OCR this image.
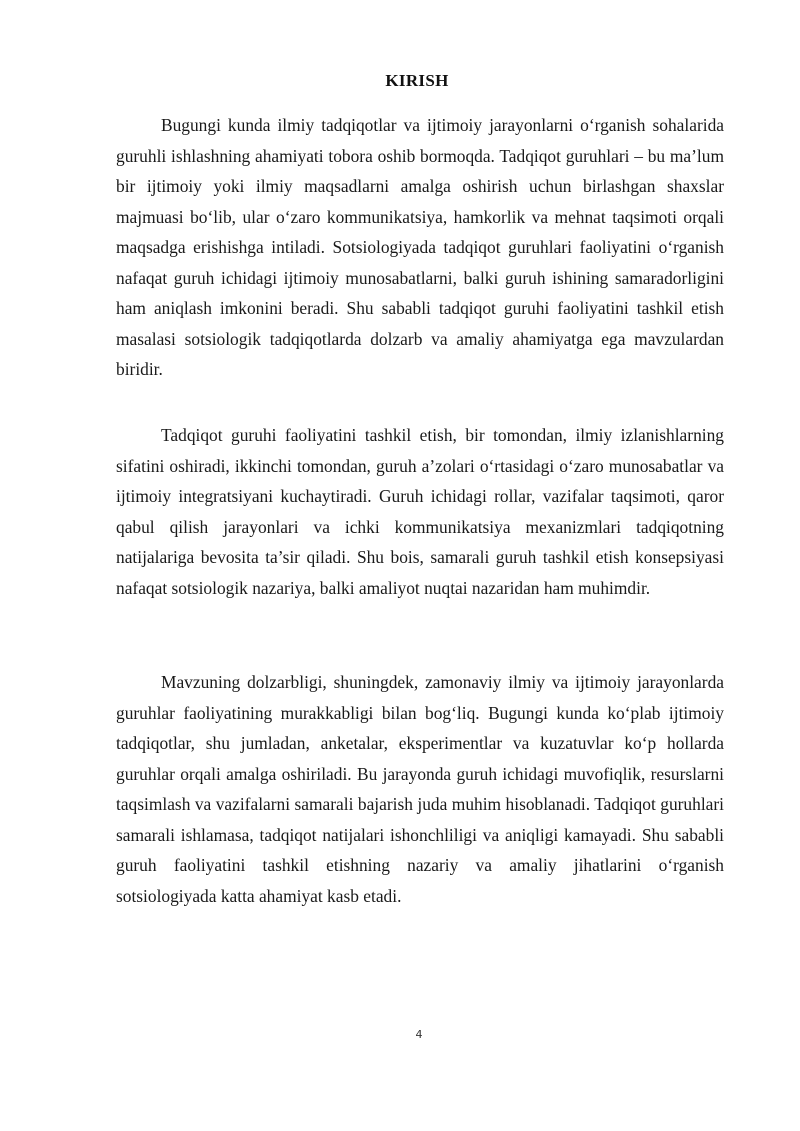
KIRISH

Bugungi kunda ilmiy tadqiqotlar va ijtimoiy jarayonlarni o‘rganish sohalarida guruhli ishlashning ahamiyati tobora oshib bormoqda. Tadqiqot guruhlari – bu ma’lum bir ijtimoiy yoki ilmiy maqsadlarni amalga oshirish uchun birlashgan shaxslar majmuasi bo‘lib, ular o‘zaro kommunikatsiya, hamkorlik va mehnat taqsimoti orqali maqsadga erishishga intiladi. Sotsiologiyada tadqiqot guruhlari faoliyatini o‘rganish nafaqat guruh ichidagi ijtimoiy munosabatlarni, balki guruh ishining samaradorligini ham aniqlash imkonini beradi. Shu sababli tadqiqot guruhi faoliyatini tashkil etish masalasi sotsiologik tadqiqotlarda dolzarb va amaliy ahamiyatga ega mavzulardan biridir.

Tadqiqot guruhi faoliyatini tashkil etish, bir tomondan, ilmiy izlanishlarning sifatini oshiradi, ikkinchi tomondan, guruh a’zolari o‘rtasidagi o‘zaro munosabatlar va ijtimoiy integratsiyani kuchaytiradi. Guruh ichidagi rollar, vazifalar taqsimoti, qaror qabul qilish jarayonlari va ichki kommunikatsiya mexanizmlari tadqiqotning natijalariga bevosita ta’sir qiladi. Shu bois, samarali guruh tashkil etish konsepsiyasi nafaqat sotsiologik nazariya, balki amaliyot nuqtai nazaridan ham muhimdir.

Mavzuning dolzarbligi, shuningdek, zamonaviy ilmiy va ijtimoiy jarayonlarda guruhlar faoliyatining murakkabligi bilan bog‘liq. Bugungi kunda ko‘plab ijtimoiy tadqiqotlar, shu jumladan, anketalar, eksperimentlar va kuzatuvlar ko‘p hollarda guruhlar orqali amalga oshiriladi. Bu jarayonda guruh ichidagi muvofiqlik, resurslarni taqsimlash va vazifalarni samarali bajarish juda muhim hisoblanadi. Tadqiqot guruhlari samarali ishlamasa, tadqiqot natijalari ishonchliligi va aniqligi kamayadi. Shu sababli guruh faoliyatini tashkil etishning nazariy va amaliy jihatlarini o‘rganish sotsiologiyada katta ahamiyat kasb etadi.

4
